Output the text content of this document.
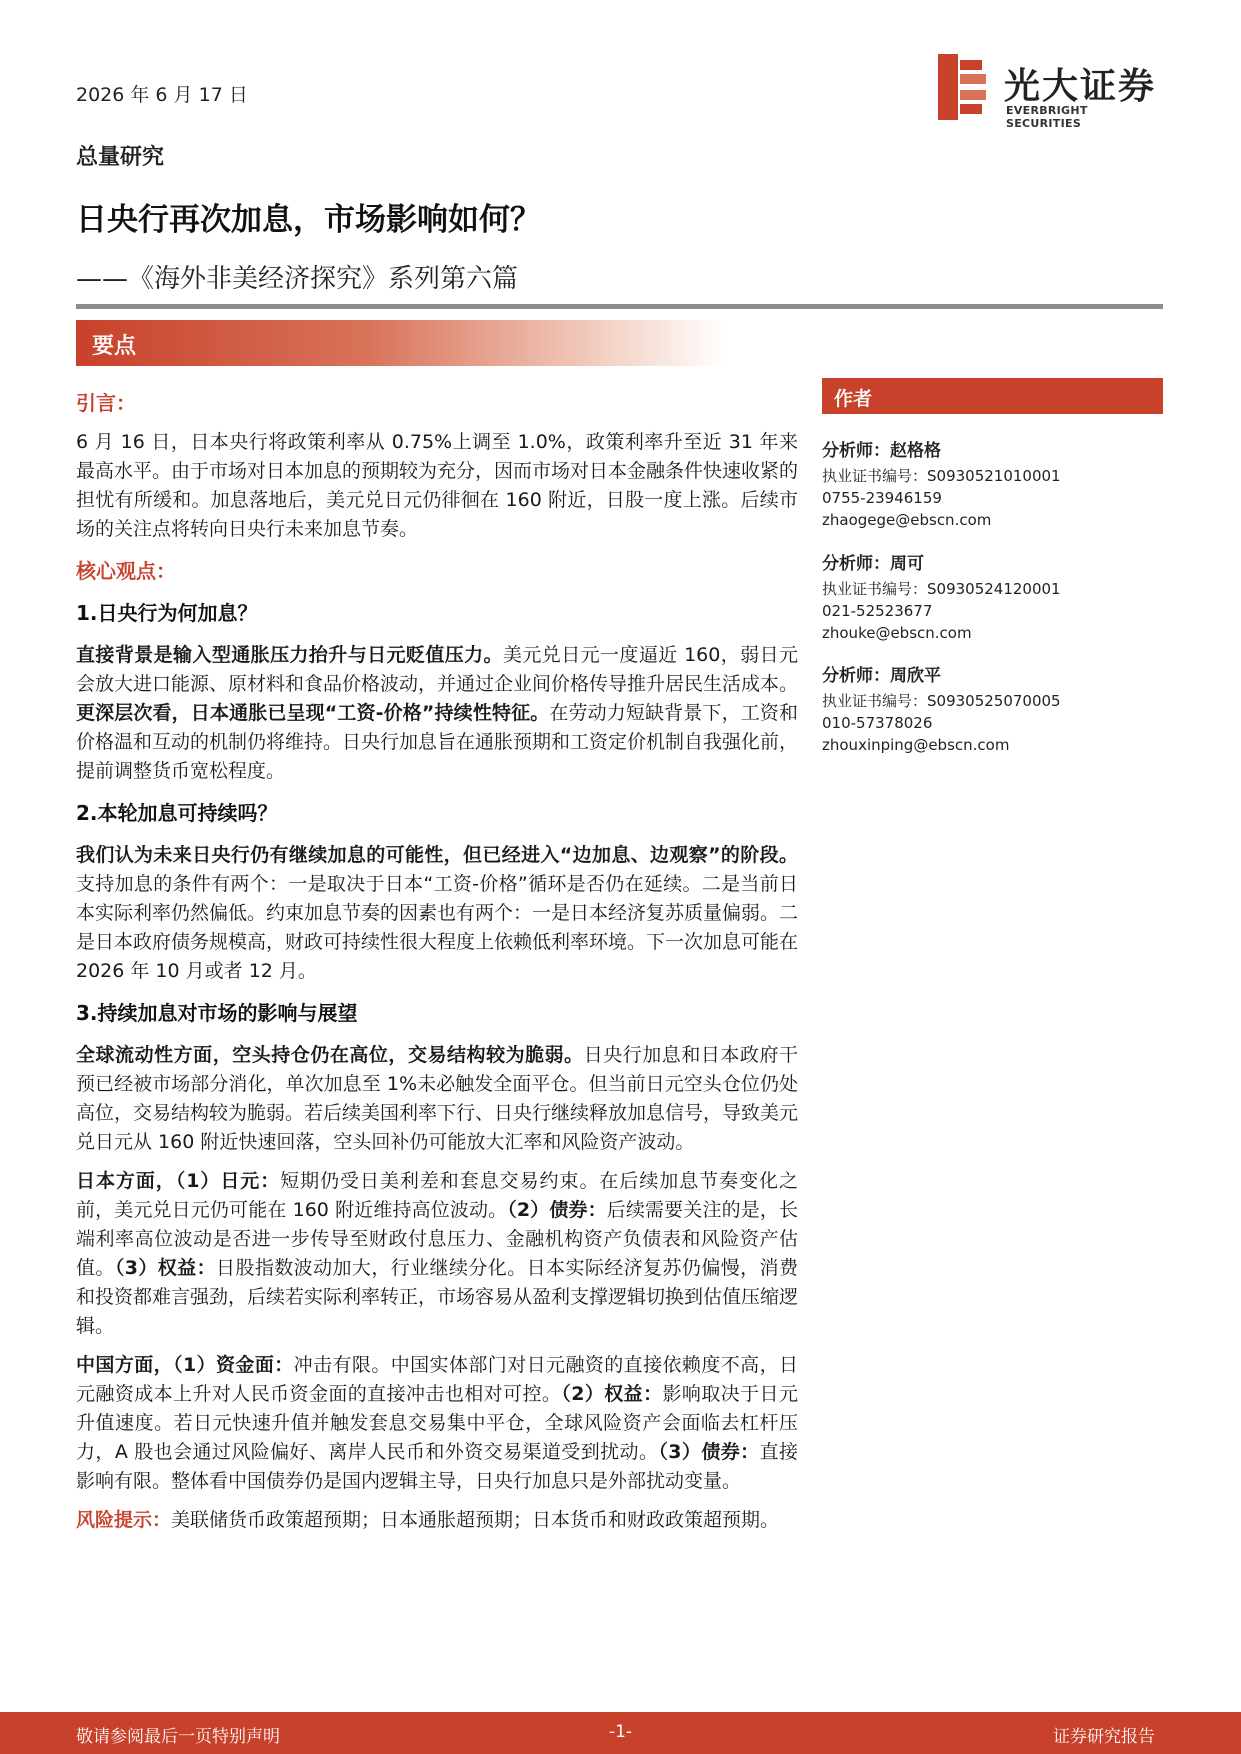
2026 年 6 月 17 日	光大证券
EVERBRIGHT SECURITIES
总量研究
日央行再次加息，市场影响如何？
——《海外非美经济探究》系列第六篇
要点
引言：

6 月 16 日，日本央行将政策利率从 0.75%上调至 1.0%，政策利率升至近 31 年来最高水平。由于市场对日本加息的预期较为充分，因而市场对日本金融条件快速收紧的担忧有所缓和。加息落地后，美元兑日元仍徘徊在 160 附近，日股一度上涨。后续市场的关注点将转向日央行未来加息节奏。

核心观点：
1.日央行为何加息？

直接背景是输入型通胀压力抬升与日元贬值压力。美元兑日元一度逼近 160，弱日元会放大进口能源、原材料和食品价格波动，并通过企业间价格传导推升居民生活成本。更深层次看，日本通胀已呈现“工资-价格”持续性特征。在劳动力短缺背景下，工资和价格温和互动的机制仍将维持。日央行加息旨在通胀预期和工资定价机制自我强化前，提前调整货币宽松程度。

2.本轮加息可持续吗？

我们认为未来日央行仍有继续加息的可能性，但已经进入“边加息、边观察”的阶段。支持加息的条件有两个：一是取决于日本“工资-价格”循环是否仍在延续。二是当前日本实际利率仍然偏低。约束加息节奏的因素也有两个：一是日本经济复苏质量偏弱。二是日本政府债务规模高，财政可持续性很大程度上依赖低利率环境。下一次加息可能在 2026 年 10 月或者 12 月。

3.持续加息对市场的影响与展望

全球流动性方面，空头持仓仍在高位，交易结构较为脆弱。日央行加息和日本政府干预已经被市场部分消化，单次加息至 1%未必触发全面平仓。但当前日元空头仓位仍处高位，交易结构较为脆弱。若后续美国利率下行、日央行继续释放加息信号，导致美元兑日元从 160 附近快速回落，空头回补仍可能放大汇率和风险资产波动。

日本方面，（1）日元：短期仍受日美利差和套息交易约束。在后续加息节奏变化之前，美元兑日元仍可能在 160 附近维持高位波动。（2）债券：后续需要关注的是，长端利率高位波动是否进一步传导至财政付息压力、金融机构资产负债表和风险资产估值。（3）权益：日股指数波动加大，行业继续分化。日本实际经济复苏仍偏慢，消费和投资都难言强劲，后续若实际利率转正，市场容易从盈利支撑逻辑切换到估值压缩逻辑。

中国方面，（1）资金面：冲击有限。中国实体部门对日元融资的直接依赖度不高，日元融资成本上升对人民币资金面的直接冲击也相对可控。（2）权益：影响取决于日元升值速度。若日元快速升值并触发套息交易集中平仓，全球风险资产会面临去杠杆压力，A 股也会通过风险偏好、离岸人民币和外资交易渠道受到扰动。（3）债券：直接影响有限。整体看中国债券仍是国内逻辑主导，日央行加息只是外部扰动变量。

风险提示：美联储货币政策超预期；日本通胀超预期；日本货币和财政政策超预期。

作者
分析师：赵格格
执业证书编号：S0930521010001
0755-23946159
zhaogege@ebscn.com
分析师：周可
执业证书编号：S0930524120001
021-52523677
zhouke@ebscn.com
分析师：周欣平
执业证书编号：S0930525070005
010-57378026
zhouxinping@ebscn.com
敬请参阅最后一页特别声明	-1-	证券研究报告
